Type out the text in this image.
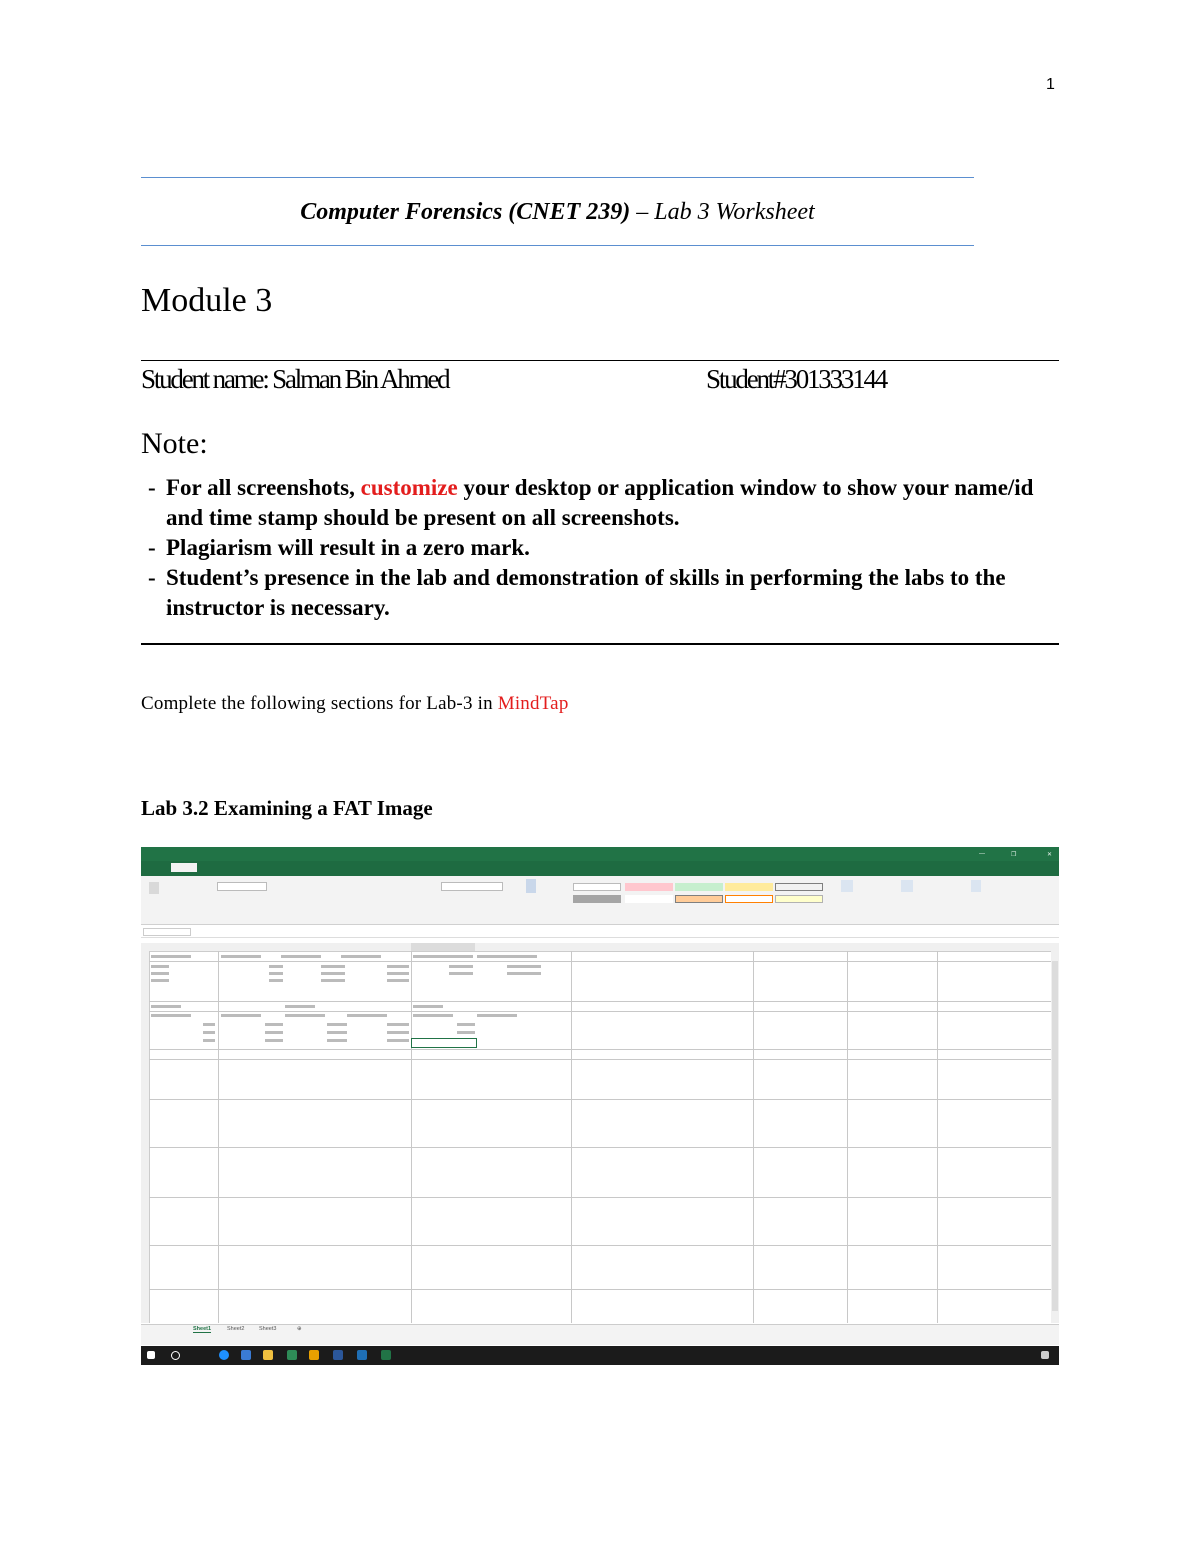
1
Computer Forensics (CNET 239) – Lab 3 Worksheet
Module 3
Student name: Salman Bin Ahmed	Student#301333144
Note:
- For all screenshots, customize your desktop or application window to show your name/id and time stamp should be present on all screenshots.
- Plagiarism will result in a zero mark.
- Student’s presence in the lab and demonstration of skills in performing the labs to the instructor is necessary.
Complete the following sections for Lab-3 in MindTap
Lab 3.2 Examining a FAT Image
✕
❐
—
Sheet1	Sheet2	Sheet3	⊕
